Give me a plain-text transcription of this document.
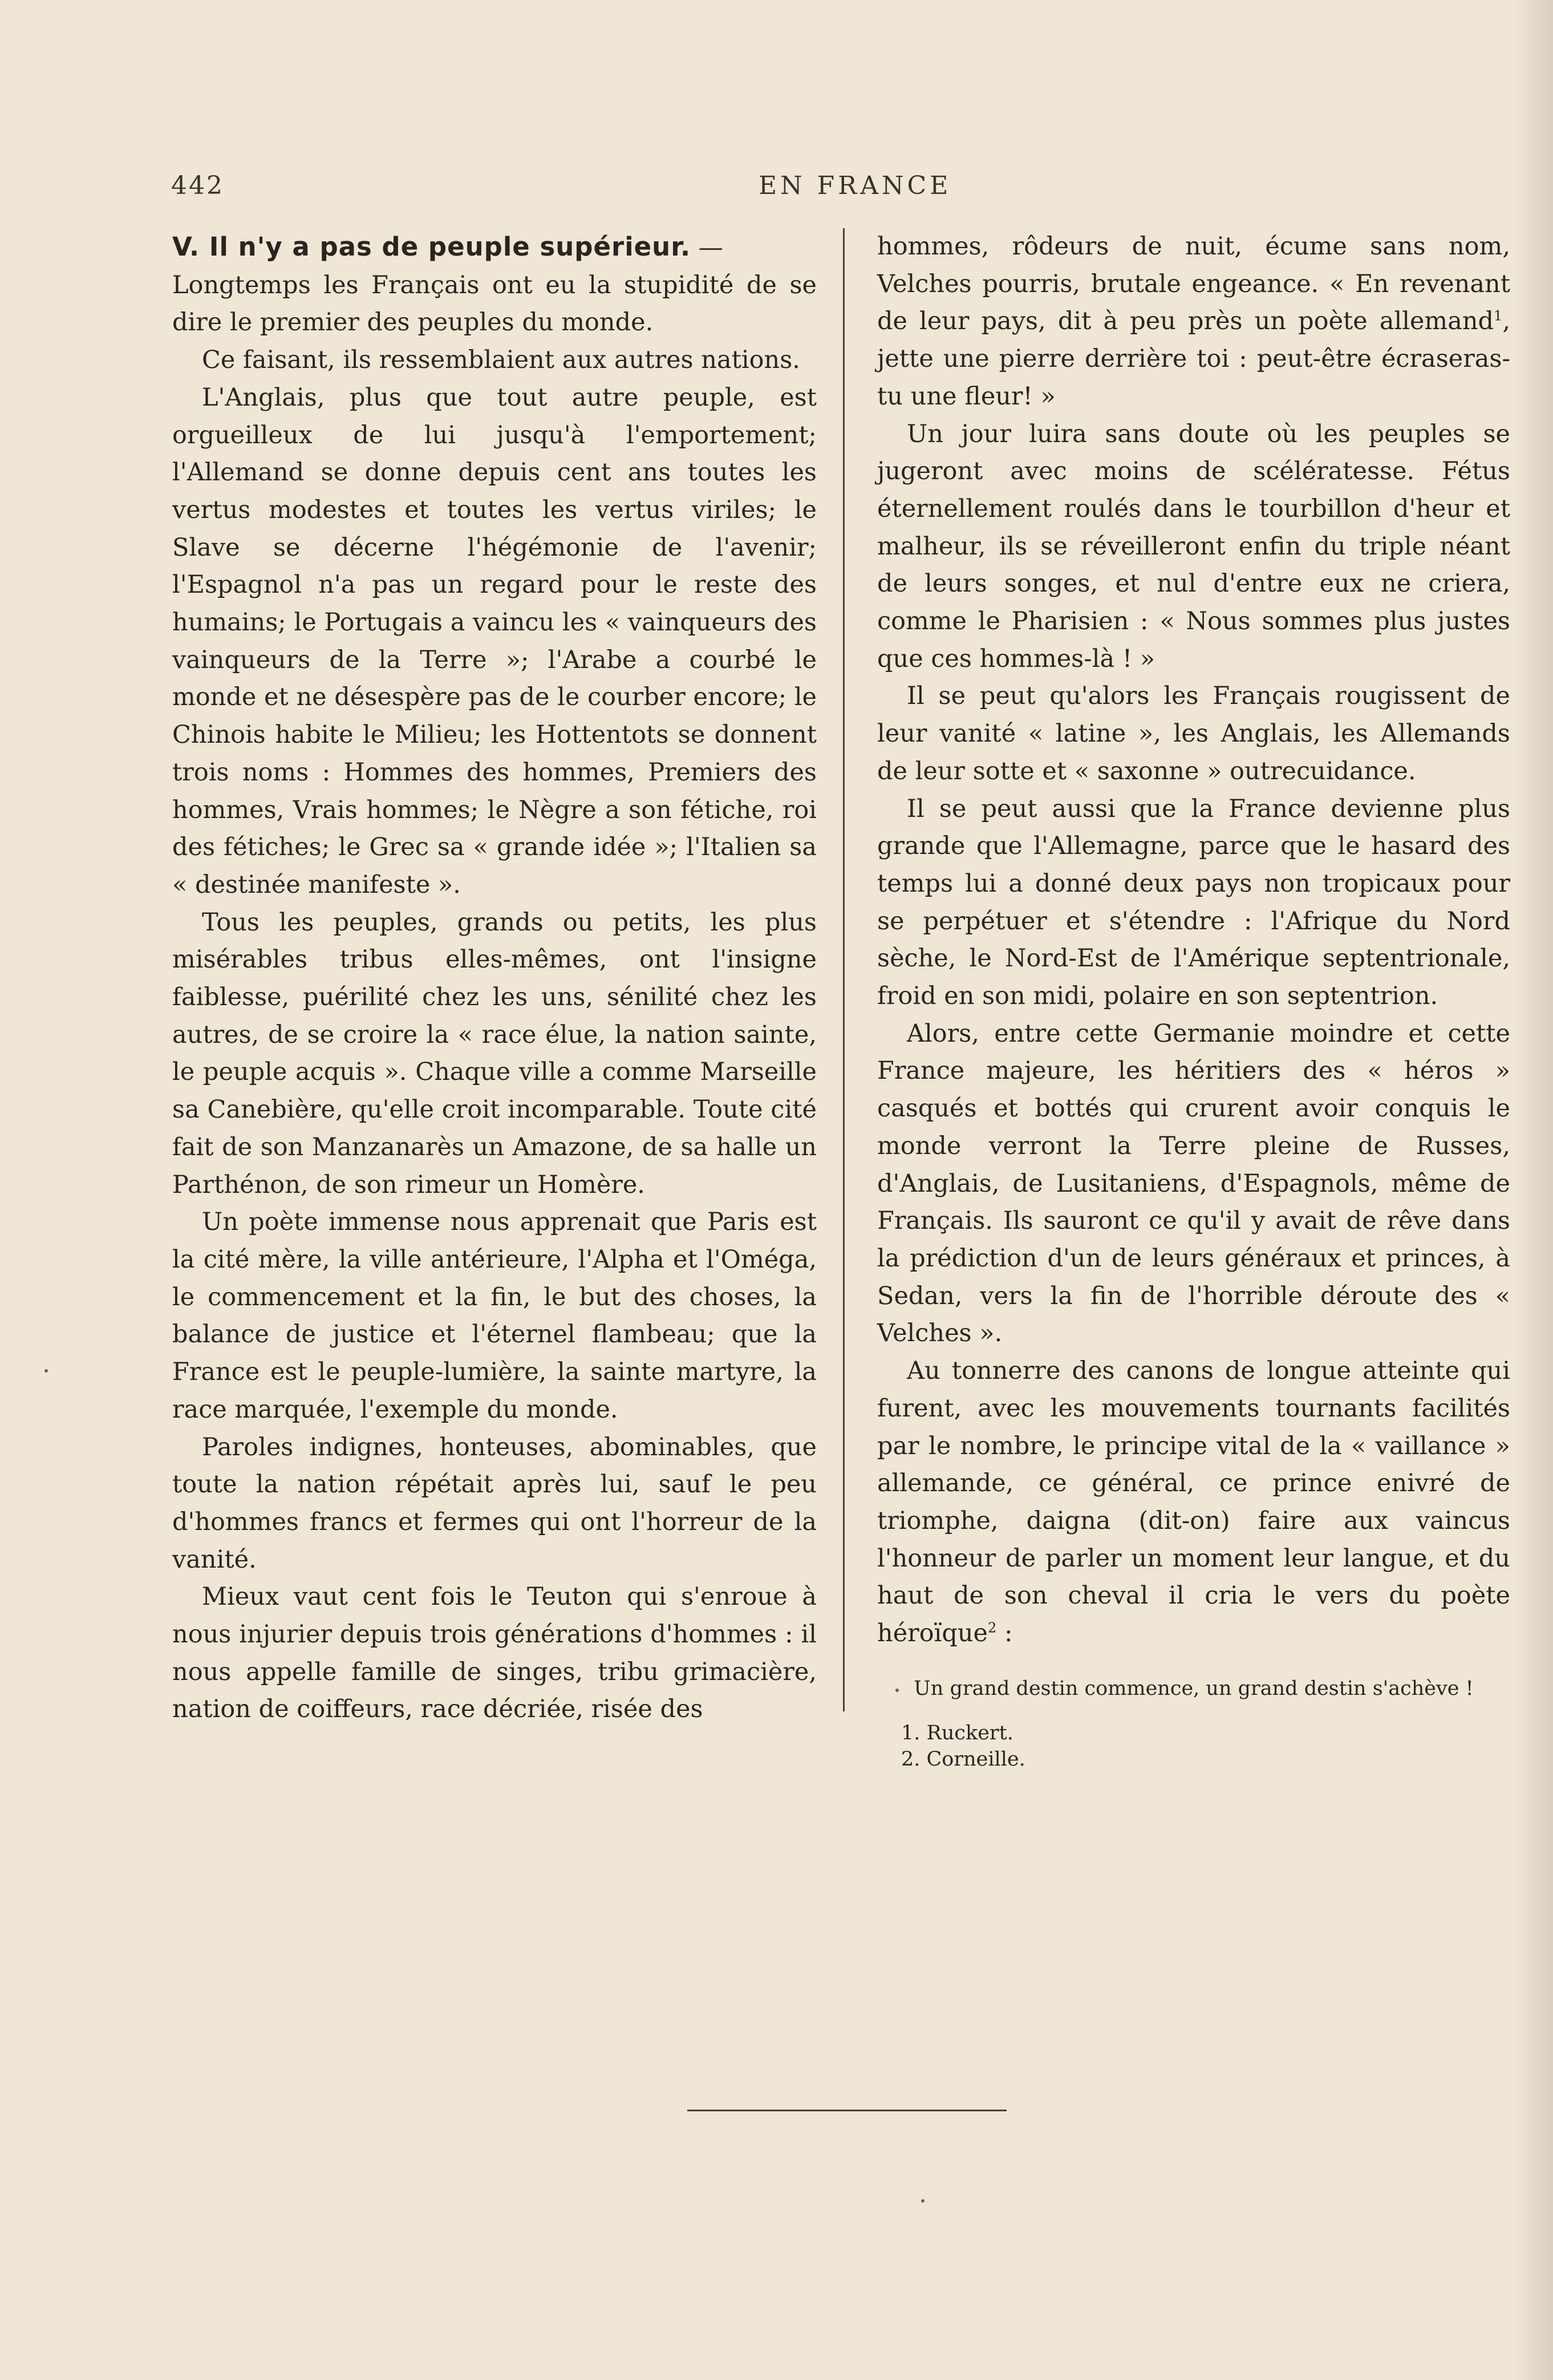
442	EN FRANCE

V. Il n'y a pas de peuple supérieur. —

Longtemps les Français ont eu la stupidité de se dire le premier des peuples du monde.

Ce faisant, ils ressemblaient aux autres nations.

L'Anglais, plus que tout autre peuple, est orgueilleux de lui jusqu'à l'emportement; l'Allemand se donne depuis cent ans toutes les vertus modestes et toutes les vertus viriles; le Slave se décerne l'hégémonie de l'avenir; l'Espagnol n'a pas un regard pour le reste des humains; le Portugais a vaincu les « vainqueurs des vainqueurs de la Terre »; l'Arabe a courbé le monde et ne désespère pas de le courber encore; le Chinois habite le Milieu; les Hottentots se donnent trois noms : Hommes des hommes, Premiers des hommes, Vrais hommes; le Nègre a son fétiche, roi des fétiches; le Grec sa « grande idée »; l'Italien sa « destinée manifeste ».

Tous les peuples, grands ou petits, les plus misérables tribus elles-mêmes, ont l'insigne faiblesse, puérilité chez les uns, sénilité chez les autres, de se croire la « race élue, la nation sainte, le peuple acquis ». Chaque ville a comme Marseille sa Canebière, qu'elle croit incomparable. Toute cité fait de son Manzanarès un Amazone, de sa halle un Parthénon, de son rimeur un Homère.

Un poète immense nous apprenait que Paris est la cité mère, la ville antérieure, l'Alpha et l'Oméga, le commencement et la fin, le but des choses, la balance de justice et l'éternel flambeau; que la France est le peuple-lumière, la sainte martyre, la race marquée, l'exemple du monde.

Paroles indignes, honteuses, abominables, que toute la nation répétait après lui, sauf le peu d'hommes francs et fermes qui ont l'horreur de la vanité.

Mieux vaut cent fois le Teuton qui s'enroue à nous injurier depuis trois générations d'hommes : il nous appelle famille de singes, tribu grimacière, nation de coiffeurs, race décriée, risée des

hommes, rôdeurs de nuit, écume sans nom, Velches pourris, brutale engeance. « En revenant de leur pays, dit à peu près un poète allemand$^1$, jette une pierre derrière toi : peut-être écraseras-tu une fleur! »

Un jour luira sans doute où les peuples se jugeront avec moins de scélératesse. Fétus éternellement roulés dans le tourbillon d'heur et malheur, ils se réveilleront enfin du triple néant de leurs songes, et nul d'entre eux ne criera, comme le Pharisien : « Nous sommes plus justes que ces hommes-là ! »

Il se peut qu'alors les Français rougissent de leur vanité « latine », les Anglais, les Allemands de leur sotte et « saxonne » outrecuidance.

Il se peut aussi que la France devienne plus grande que l'Allemagne, parce que le hasard des temps lui a donné deux pays non tropicaux pour se perpétuer et s'étendre : l'Afrique du Nord sèche, le Nord-Est de l'Amérique septentrionale, froid en son midi, polaire en son septentrion.

Alors, entre cette Germanie moindre et cette France majeure, les héritiers des « héros » casqués et bottés qui crurent avoir conquis le monde verront la Terre pleine de Russes, d'Anglais, de Lusitaniens, d'Espagnols, même de Français. Ils sauront ce qu'il y avait de rêve dans la prédiction d'un de leurs généraux et princes, à Sedan, vers la fin de l'horrible déroute des « Velches ».

Au tonnerre des canons de longue atteinte qui furent, avec les mouvements tournants facilités par le nombre, le principe vital de la « vaillance » allemande, ce général, ce prince enivré de triomphe, daigna (dit-on) faire aux vaincus l'honneur de parler un moment leur langue, et du haut de son cheval il cria le vers du poète héroïque$^2$ :

Un grand destin commence, un grand destin s'achève !

1. Ruckert.

2. Corneille.
